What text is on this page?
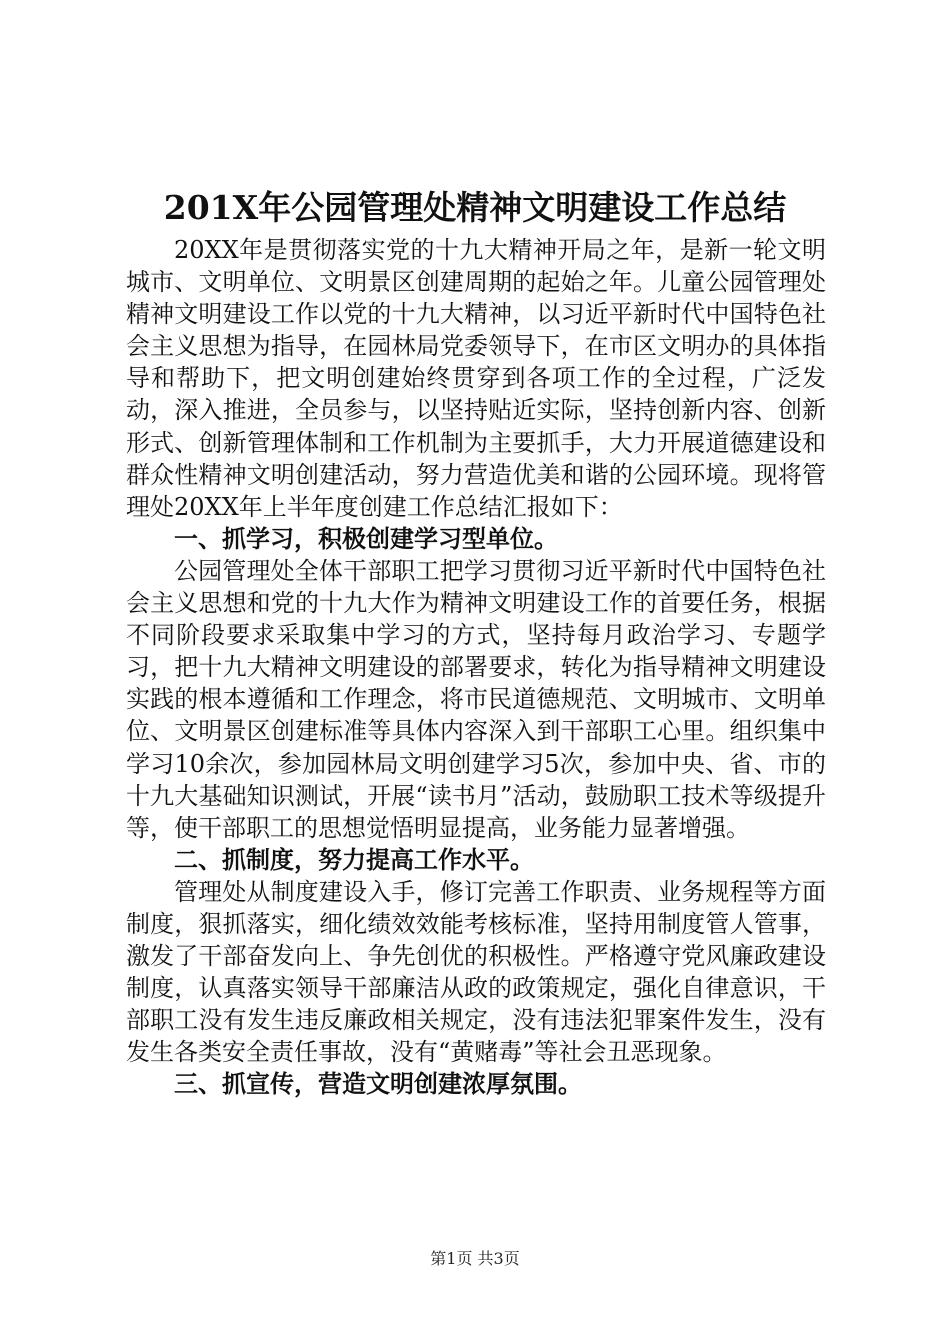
201X年公园管理处精神文明建设工作总结

20XX年是贯彻落实党的十九大精神开局之年，是新一轮文明城市、文明单位、文明景区创建周期的起始之年。儿童公园管理处精神文明建设工作以党的十九大精神，以习近平新时代中国特色社会主义思想为指导，在园林局党委领导下，在市区文明办的具体指导和帮助下，把文明创建始终贯穿到各项工作的全过程，广泛发动，深入推进，全员参与，以坚持贴近实际，坚持创新内容、创新形式、创新管理体制和工作机制为主要抓手，大力开展道德建设和群众性精神文明创建活动，努力营造优美和谐的公园环境。现将管理处20XX年上半年度创建工作总结汇报如下：

一、抓学习，积极创建学习型单位。

公园管理处全体干部职工把学习贯彻习近平新时代中国特色社会主义思想和党的十九大作为精神文明建设工作的首要任务，根据不同阶段要求采取集中学习的方式，坚持每月政治学习、专题学习，把十九大精神文明建设的部署要求，转化为指导精神文明建设实践的根本遵循和工作理念，将市民道德规范、文明城市、文明单位、文明景区创建标准等具体内容深入到干部职工心里。组织集中学习10余次，参加园林局文明创建学习5次，参加中央、省、市的十九大基础知识测试，开展“读书月”活动，鼓励职工技术等级提升等，使干部职工的思想觉悟明显提高，业务能力显著增强。

二、抓制度，努力提高工作水平。

管理处从制度建设入手，修订完善工作职责、业务规程等方面制度，狠抓落实，细化绩效效能考核标准，坚持用制度管人管事，激发了干部奋发向上、争先创优的积极性。严格遵守党风廉政建设制度，认真落实领导干部廉洁从政的政策规定，强化自律意识，干部职工没有发生违反廉政相关规定，没有违法犯罪案件发生，没有发生各类安全责任事故，没有“黄赌毒”等社会丑恶现象。

三、抓宣传，营造文明创建浓厚氛围。
第1页 共3页
